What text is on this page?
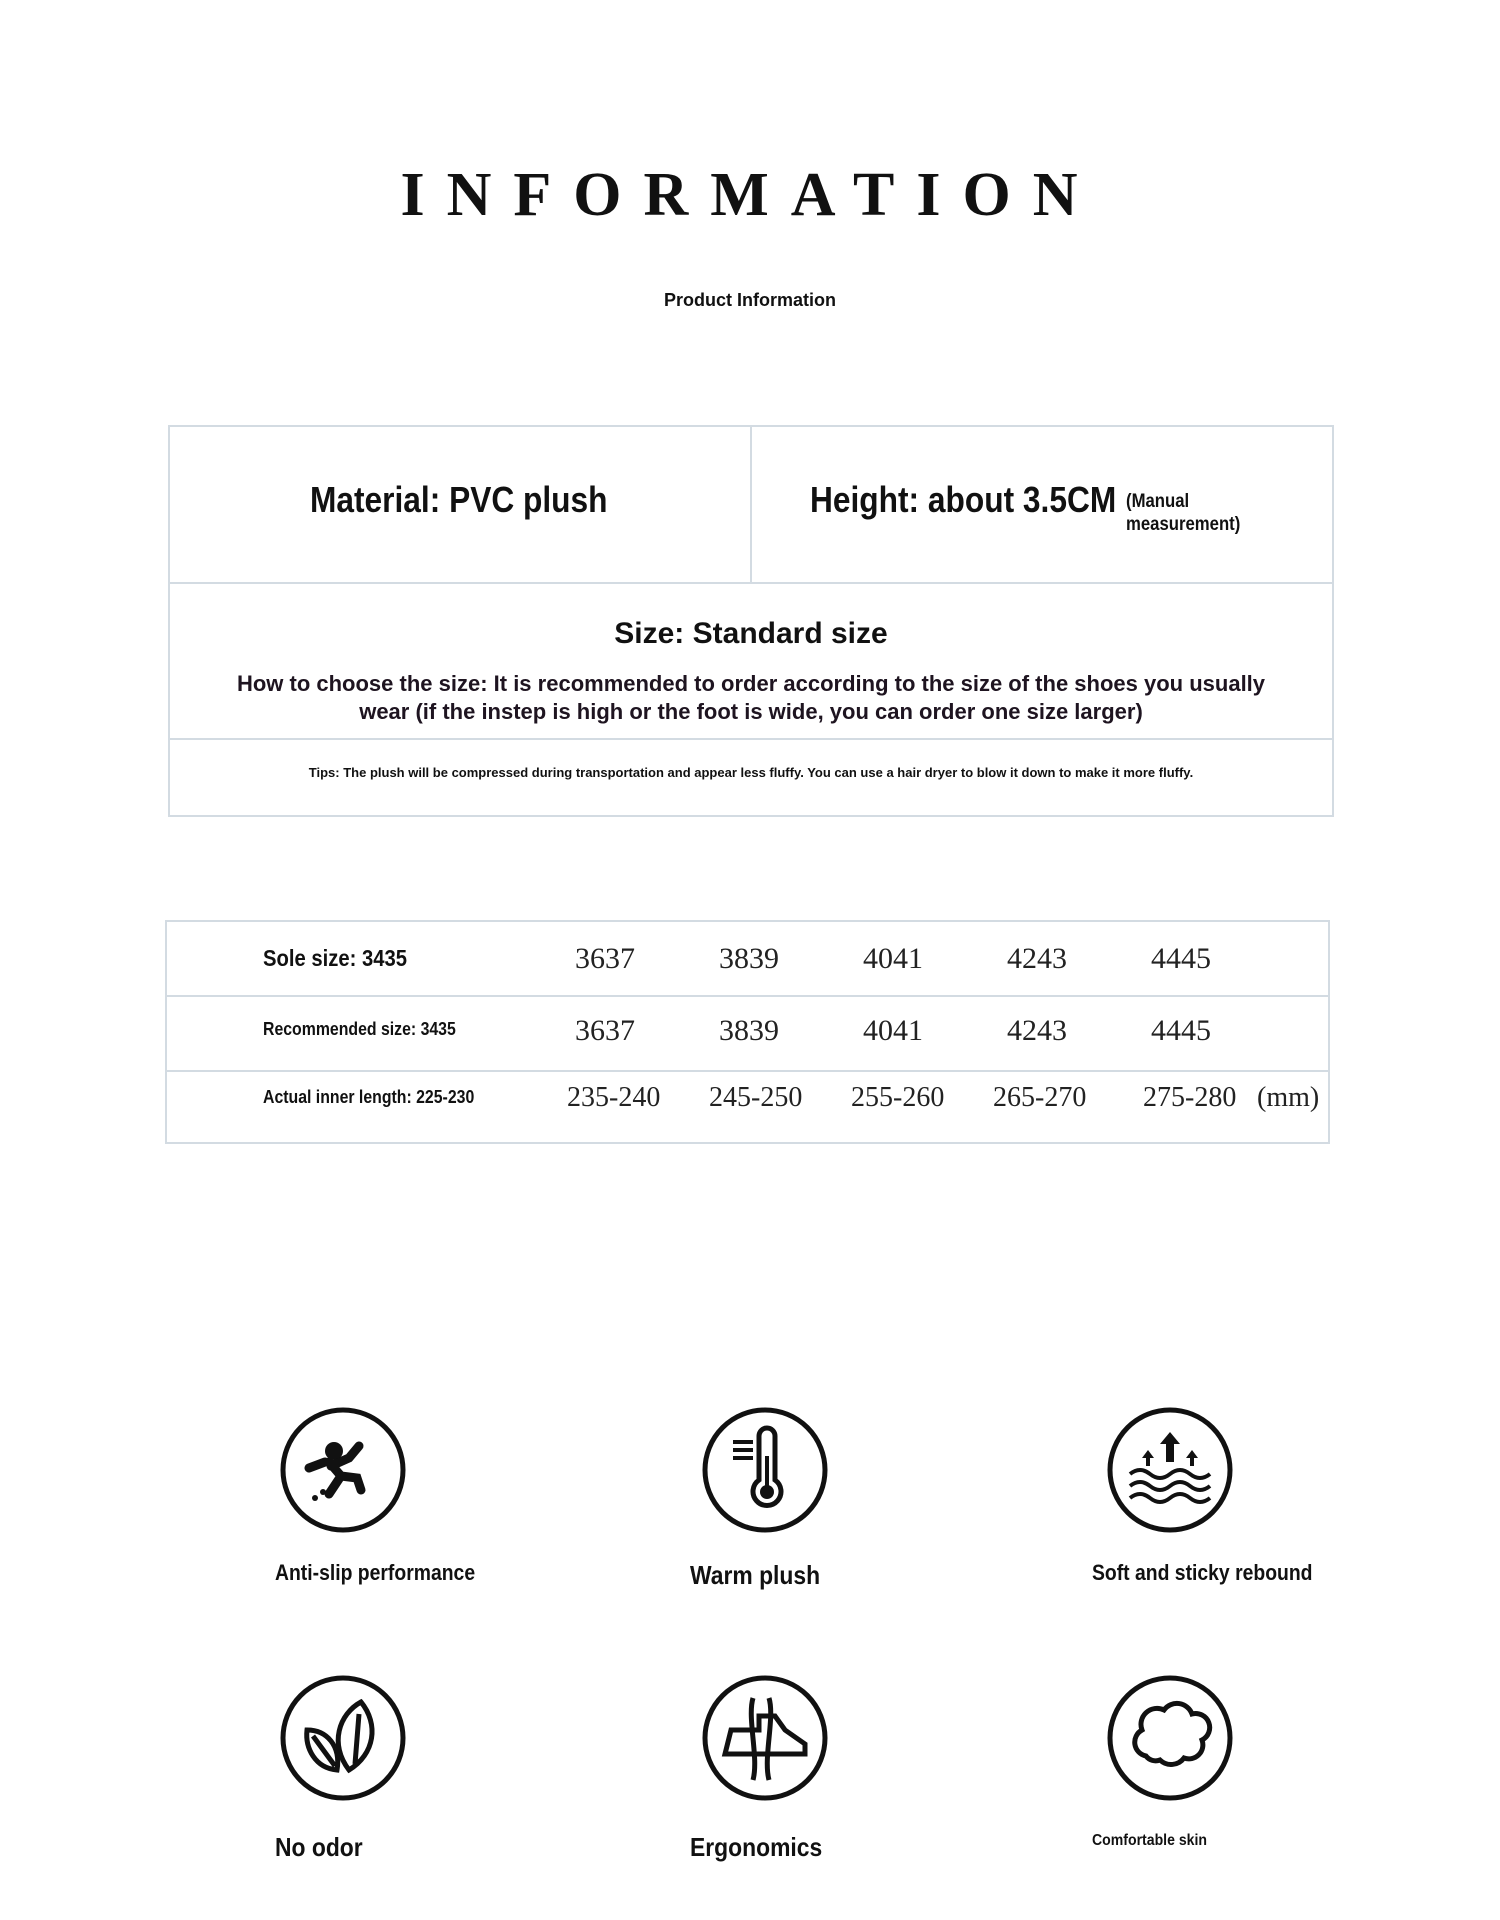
INFORMATION
Product Information
Material: PVC plush	Height: about 3.5CM (Manual
measurement)
Size: Standard size
How to choose the size: It is recommended to order according to the size of the shoes you usually
wear (if the instep is high or the foot is wide, you can order one size larger)
Tips: The plush will be compressed during transportation and appear less fluffy. You can use a hair dryer to blow it down to make it more fluffy.
Sole size: 3435	3637	3839	4041	4243	4445
Recommended size: 3435	3637	3839	4041	4243	4445
Actual inner length: 225-230	235-240 245-250 255-260 265-270 275-280 (mm)
Anti-slip performance	Warm plush	Soft and sticky rebound
No odor	Ergonomics	Comfortable skin
